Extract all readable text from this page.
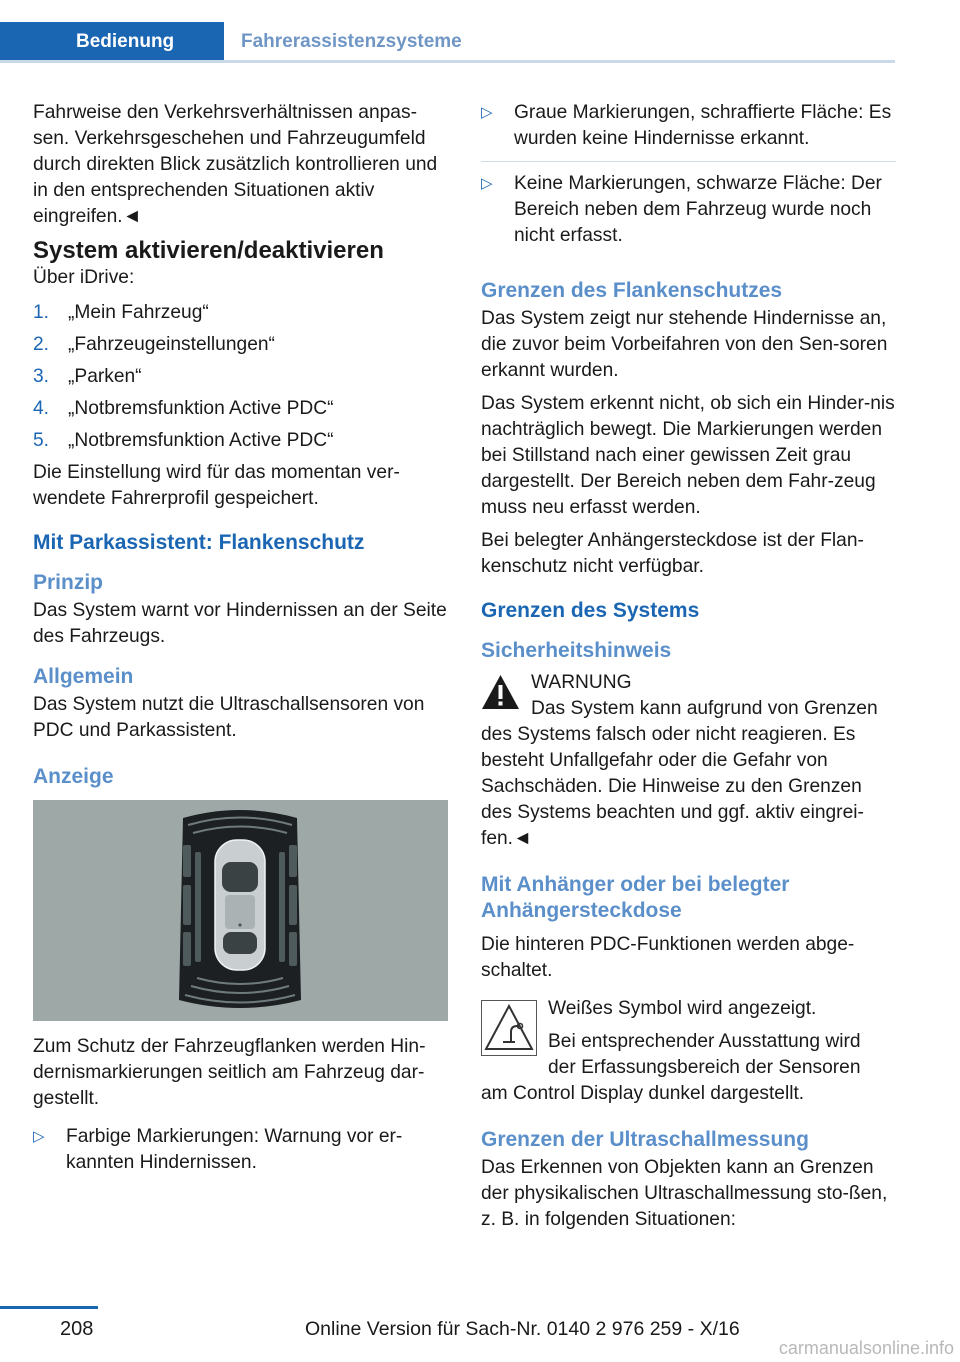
Bedienung	Fahrerassistenzsysteme

Fahrweise den Verkehrsverhältnissen anpas-sen. Verkehrsgeschehen und Fahrzeugumfeld durch direkten Blick zusätzlich kontrollieren und in den entsprechenden Situationen aktiv eingreifen.◄

System aktivieren/deaktivieren

Über iDrive:

1. „Mein Fahrzeug“
2. „Fahrzeugeinstellungen“
3. „Parken“
4. „Notbremsfunktion Active PDC“
5. „Notbremsfunktion Active PDC“

Die Einstellung wird für das momentan ver-wendete Fahrerprofil gespeichert.

Mit Parkassistent: Flankenschutz
Prinzip

Das System warnt vor Hindernissen an der Seite des Fahrzeugs.

Allgemein

Das System nutzt die Ultraschallsensoren von PDC und Parkassistent.

Anzeige

Zum Schutz der Fahrzeugflanken werden Hin-dernismarkierungen seitlich am Fahrzeug dar-gestellt.

▷ Farbige Markierungen: Warnung vor er-kannten Hindernissen.
▷ Graue Markierungen, schraffierte Fläche: Es wurden keine Hindernisse erkannt.
▷ Keine Markierungen, schwarze Fläche: Der Bereich neben dem Fahrzeug wurde noch nicht erfasst.
Grenzen des Flankenschutzes

Das System zeigt nur stehende Hindernisse an, die zuvor beim Vorbeifahren von den Sen-soren erkannt wurden.

Das System erkennt nicht, ob sich ein Hinder-nis nachträglich bewegt. Die Markierungen werden bei Stillstand nach einer gewissen Zeit grau dargestellt. Der Bereich neben dem Fahr-zeug muss neu erfasst werden.

Bei belegter Anhängersteckdose ist der Flan-kenschutz nicht verfügbar.

Grenzen des Systems
Sicherheitshinweis

WARNUNG

Das System kann aufgrund von Grenzen

des Systems falsch oder nicht reagieren. Es besteht Unfallgefahr oder die Gefahr von Sachschäden. Die Hinweise zu den Grenzen des Systems beachten und ggf. aktiv eingrei-fen.◄

Mit Anhänger oder bei belegter Anhängersteckdose

Die hinteren PDC-Funktionen werden abge-schaltet.

Weißes Symbol wird angezeigt.

Bei entsprechender Ausstattung wird

der Erfassungsbereich der Sensoren

am Control Display dunkel dargestellt.

Grenzen der Ultraschallmessung

Das Erkennen von Objekten kann an Grenzen der physikalischen Ultraschallmessung sto-ßen, z. B. in folgenden Situationen:

208	Online Version für Sach-Nr. 0140 2 976 259 - X/16
carmanualsonline.info
